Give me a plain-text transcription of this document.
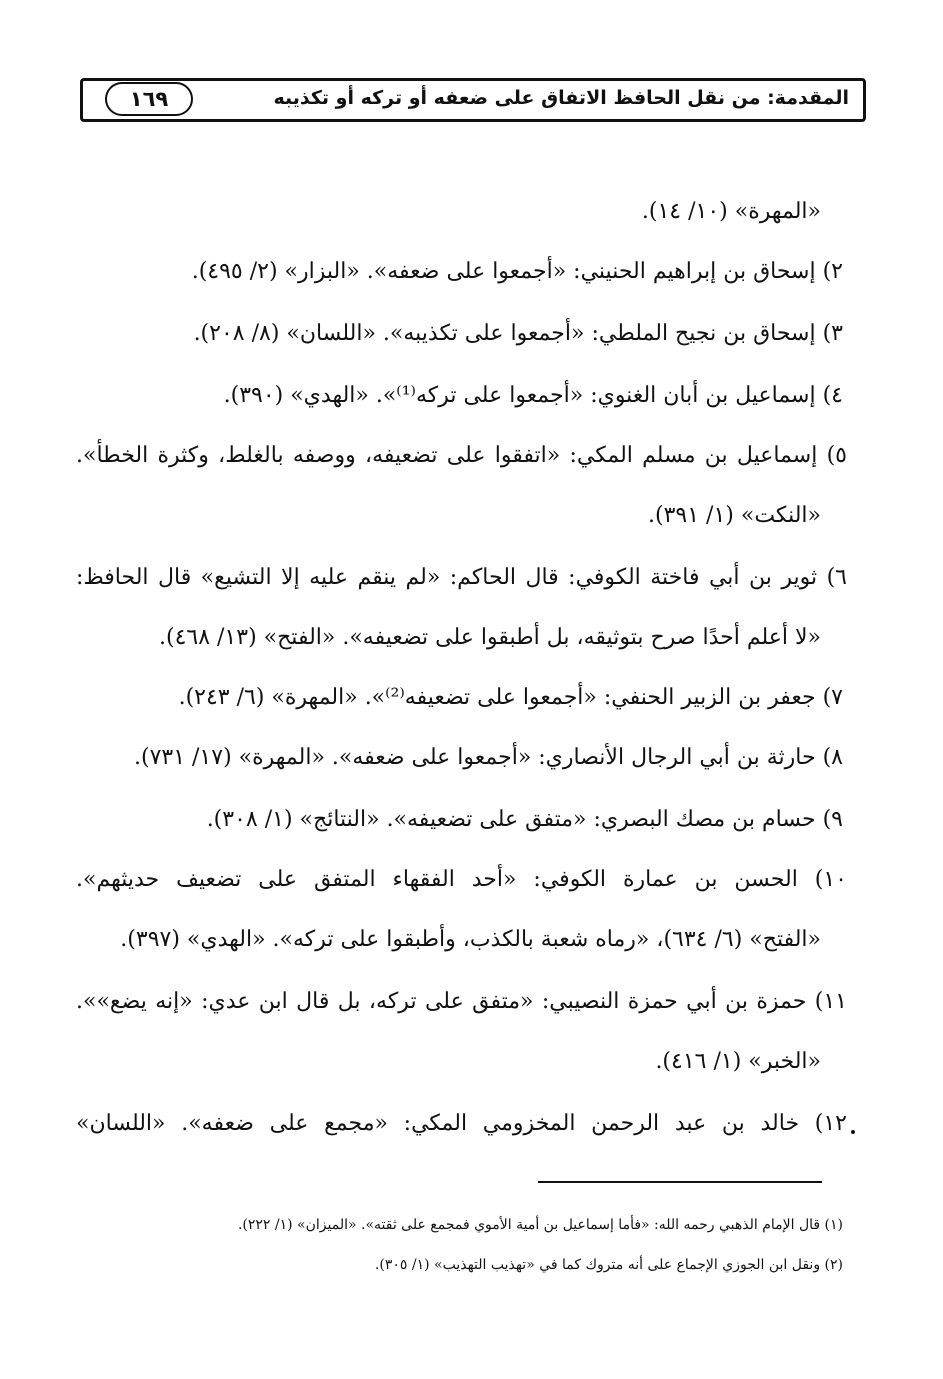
المقدمة: من نقل الحافظ الاتفاق على ضعفه أو تركه أو تكذيبه
١٦٩
«المهرة» (١٠/ ١٤).
٢) إسحاق بن إبراهيم الحنيني: «أجمعوا على ضعفه». «البزار» (٢/ ٤٩٥).
٣) إسحاق بن نجيح الملطي: «أجمعوا على تكذيبه». «اللسان» (٨/ ٢٠٨).
٤) إسماعيل بن أبان الغنوي: «أجمعوا على تركه⁽¹⁾». «الهدي» (٣٩٠).
٥) إسماعيل بن مسلم المكي: «اتفقوا على تضعيفه، ووصفه بالغلط، وكثرة الخطأ».
«النكت» (١/ ٣٩١).
٦) ثوير بن أبي فاختة الكوفي: قال الحاكم: «لم ينقم عليه إلا التشيع» قال الحافظ:
«لا أعلم أحدًا صرح بتوثيقه، بل أطبقوا على تضعيفه». «الفتح» (١٣/ ٤٦٨).
٧) جعفر بن الزبير الحنفي: «أجمعوا على تضعيفه⁽²⁾». «المهرة» (٦/ ٢٤٣).
٨) حارثة بن أبي الرجال الأنصاري: «أجمعوا على ضعفه». «المهرة» (١٧/ ٧٣١).
٩) حسام بن مصك البصري: «متفق على تضعيفه». «النتائج» (١/ ٣٠٨).
١٠) الحسن بن عمارة الكوفي: «أحد الفقهاء المتفق على تضعيف حديثهم».
«الفتح» (٦/ ٦٣٤)، «رماه شعبة بالكذب، وأطبقوا على تركه». «الهدي» (٣٩٧).
١١) حمزة بن أبي حمزة النصيبي: «متفق على تركه، بل قال ابن عدي: «إنه يضع»».
«الخبر» (١/ ٤١٦).
١٢) خالد بن عبد الرحمن المخزومي المكي: «مجمع على ضعفه». «اللسان»
(١) قال الإمام الذهبي رحمه الله: «فأما إسماعيل بن أمية الأموي فمجمع على ثقته». «الميزان» (١/ ٢٢٢).
(٢) ونقل ابن الجوزي الإجماع على أنه متروك كما في «تهذيب التهذيب» (١/ ٣٠٥).
